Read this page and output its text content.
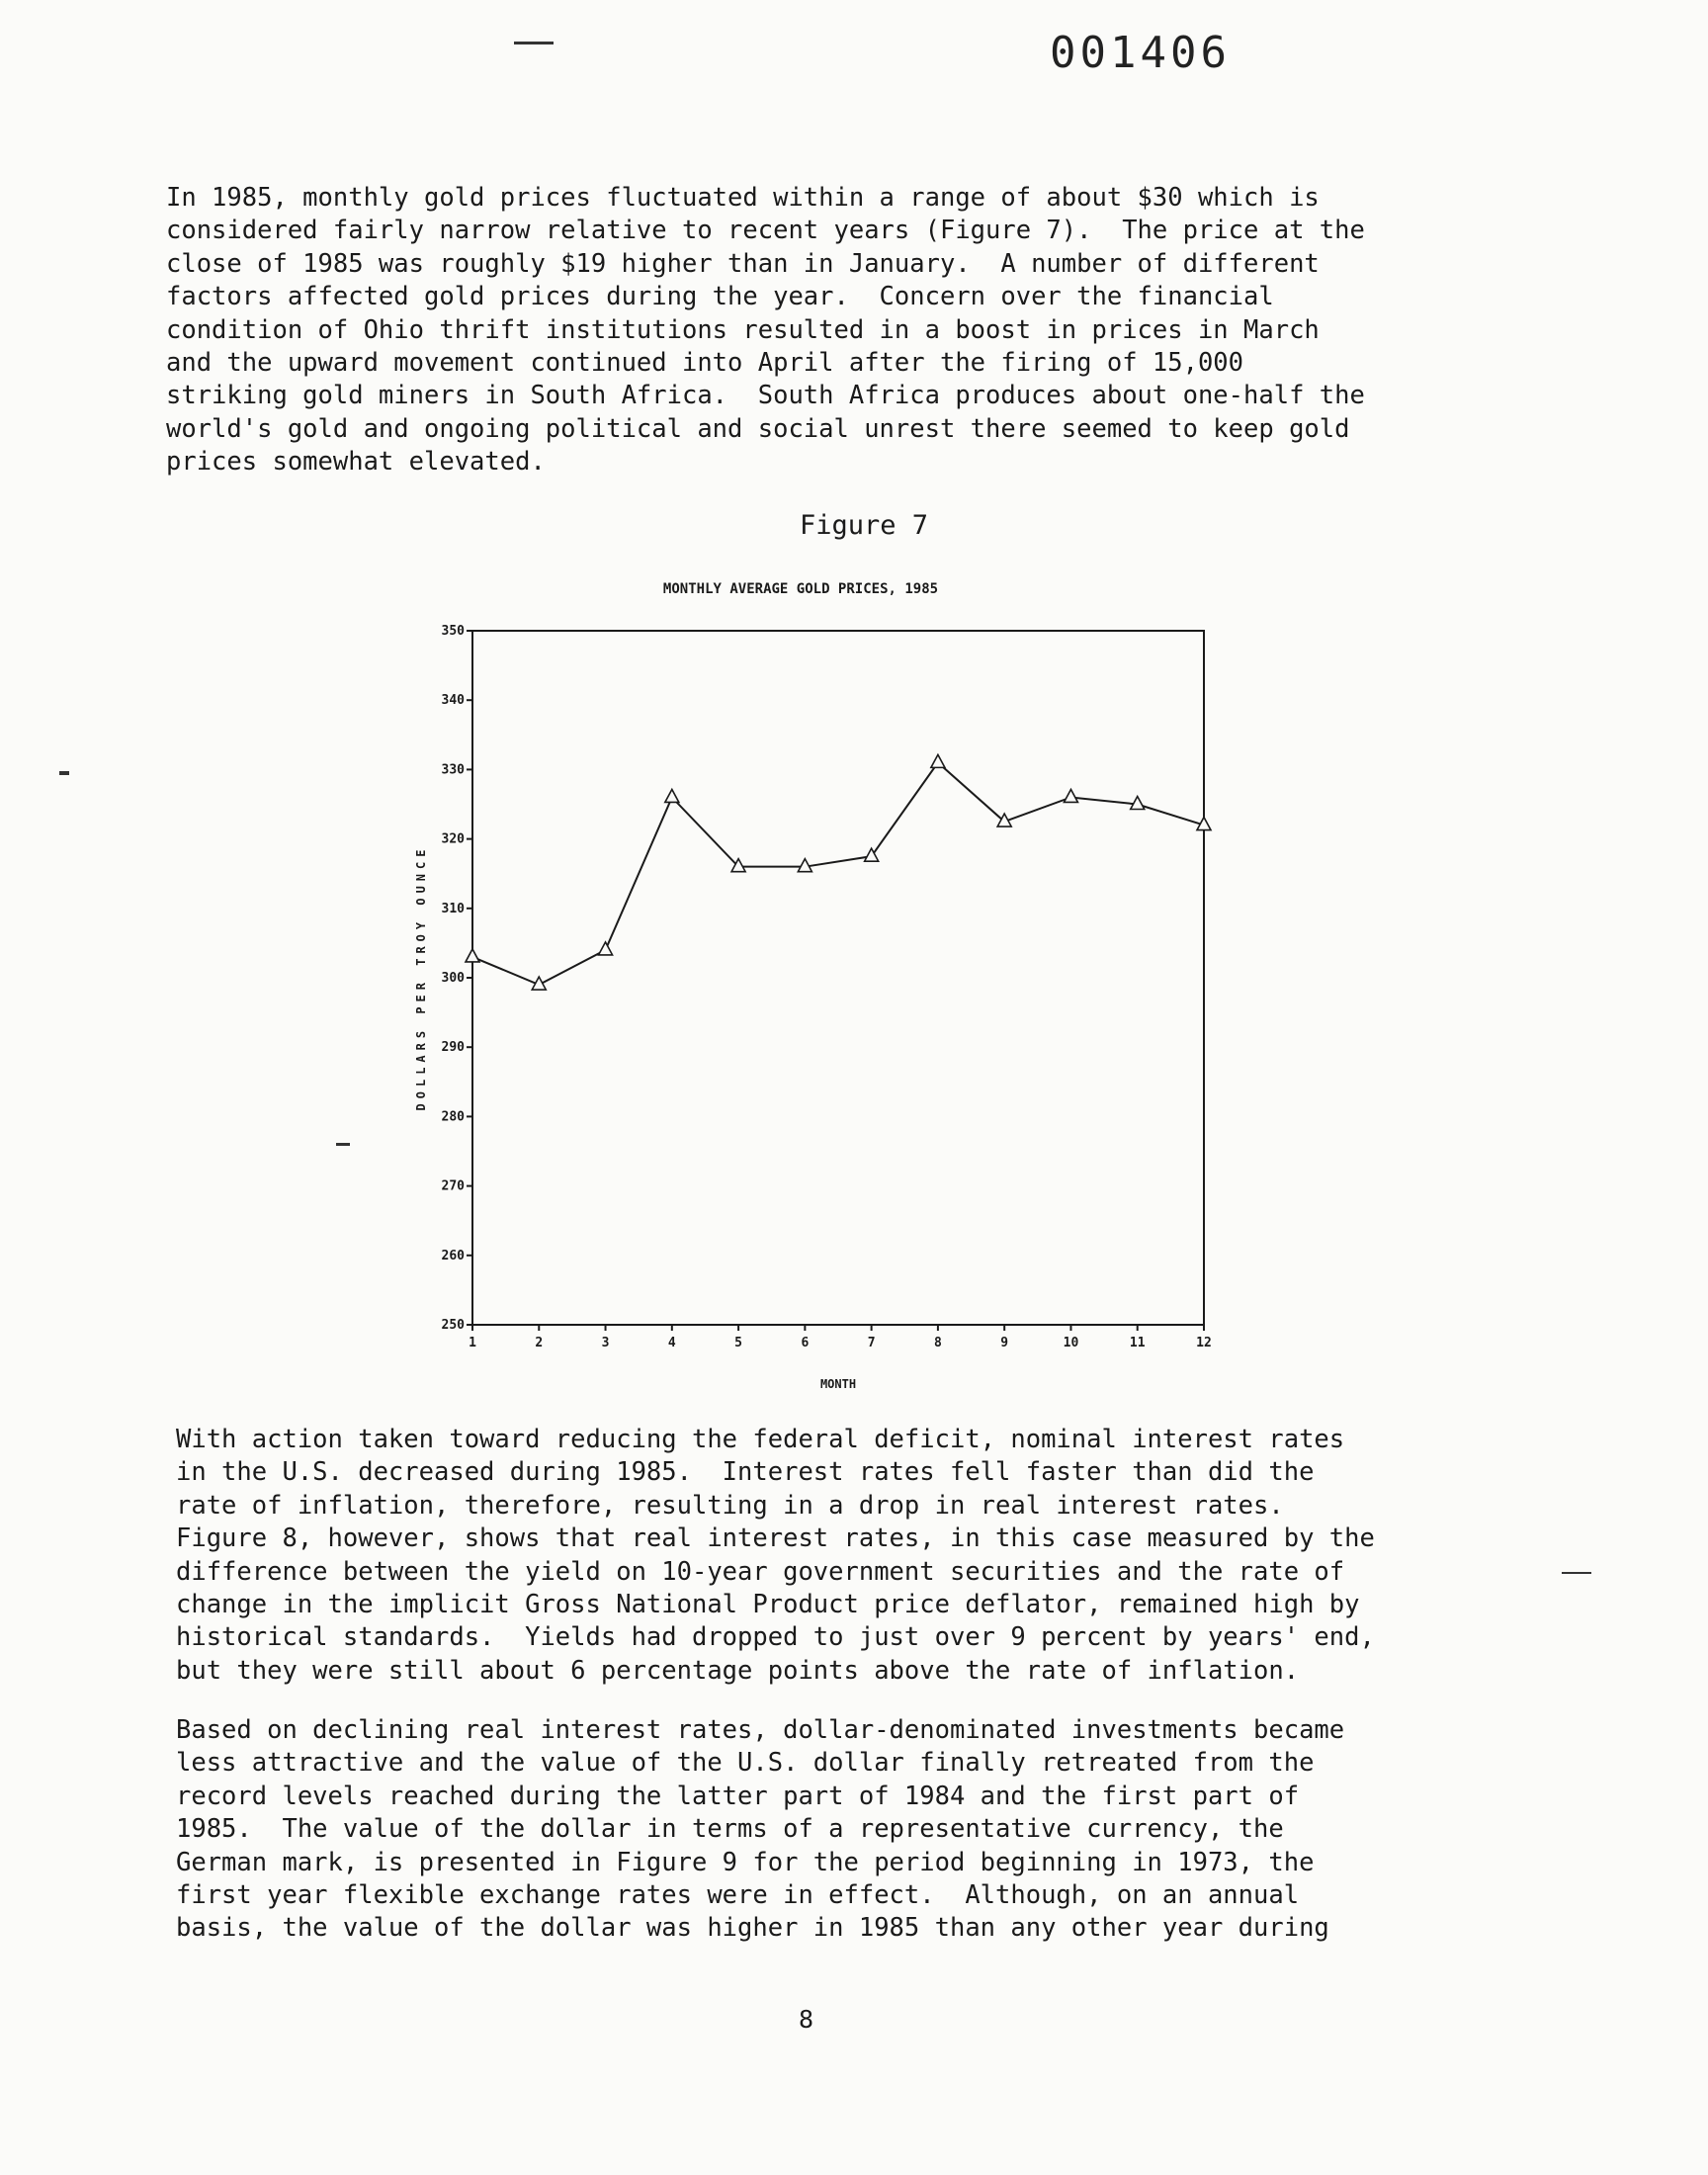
001406
In 1985, monthly gold prices fluctuated within a range of about $30 which is
considered fairly narrow relative to recent years (Figure 7).  The price at the
close of 1985 was roughly $19 higher than in January.  A number of different
factors affected gold prices during the year.  Concern over the financial
condition of Ohio thrift institutions resulted in a boost in prices in March
and the upward movement continued into April after the firing of 15,000
striking gold miners in South Africa.  South Africa produces about one-half the
world's gold and ongoing political and social unrest there seemed to keep gold
prices somewhat elevated.
Figure 7
MONTHLY AVERAGE GOLD PRICES, 1985
250
260
270
280
290
300
310
320
330
340
350
1	2	3	4	5	6	7	8	9	10	11	12
MONTH
DOLLARS PER TROY OUNCE
With action taken toward reducing the federal deficit, nominal interest rates
in the U.S. decreased during 1985.  Interest rates fell faster than did the
rate of inflation, therefore, resulting in a drop in real interest rates.
Figure 8, however, shows that real interest rates, in this case measured by the
difference between the yield on 10-year government securities and the rate of
change in the implicit Gross National Product price deflator, remained high by
historical standards.  Yields had dropped to just over 9 percent by years' end,
but they were still about 6 percentage points above the rate of inflation.
Based on declining real interest rates, dollar-denominated investments became
less attractive and the value of the U.S. dollar finally retreated from the
record levels reached during the latter part of 1984 and the first part of
1985.  The value of the dollar in terms of a representative currency, the
German mark, is presented in Figure 9 for the period beginning in 1973, the
first year flexible exchange rates were in effect.  Although, on an annual
basis, the value of the dollar was higher in 1985 than any other year during
8
